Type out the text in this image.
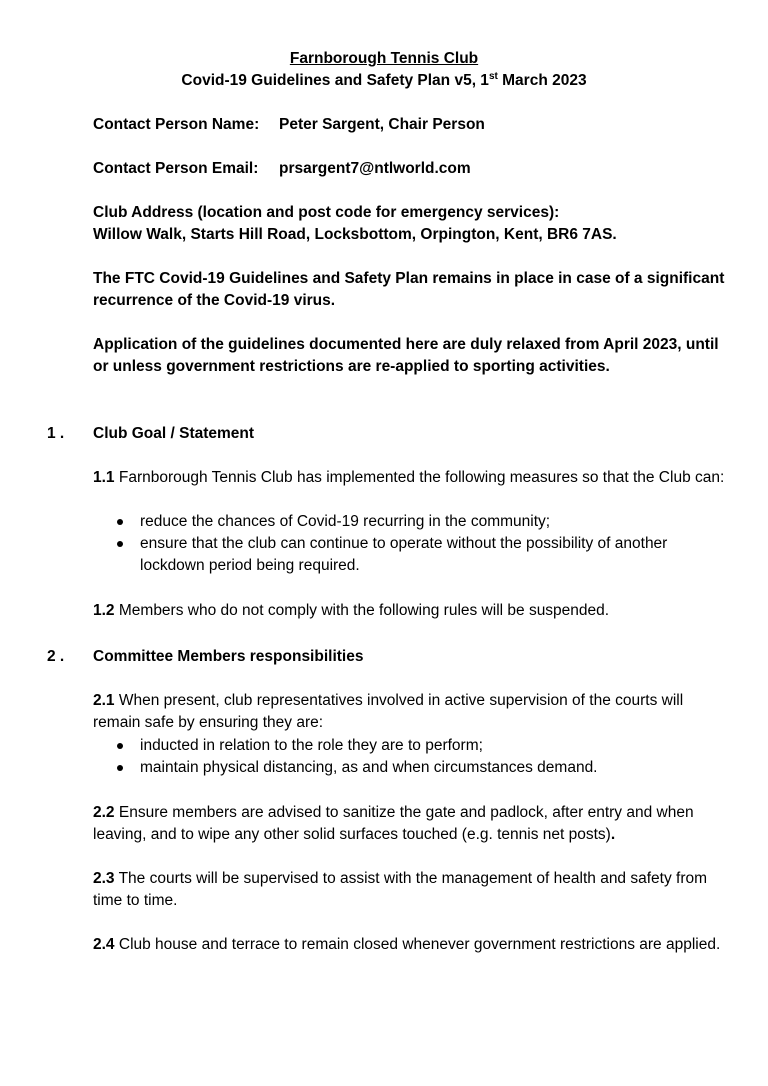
Farnborough Tennis Club
Covid-19 Guidelines and Safety Plan v5, 1st March 2023
Contact Person Name:	Peter Sargent, Chair Person
Contact Person Email:	prsargent7@ntlworld.com
Club Address (location and post code for emergency services):
Willow Walk, Starts Hill Road, Locksbottom, Orpington, Kent, BR6 7AS.
The FTC Covid-19 Guidelines and Safety Plan remains in place in case of a significant recurrence of the Covid-19 virus.
Application of the guidelines documented here are duly relaxed from April 2023, until or unless government restrictions are re-applied to sporting activities.
1 . Club Goal / Statement
1.1 Farnborough Tennis Club has implemented the following measures so that the Club can:
reduce the chances of Covid-19 recurring in the community;
ensure that the club can continue to operate without the possibility of another lockdown period being required.
1.2 Members who do not comply with the following rules will be suspended.
2 . Committee Members responsibilities
2.1 When present, club representatives involved in active supervision of the courts will remain safe by ensuring they are:
inducted in relation to the role they are to perform;
maintain physical distancing, as and when circumstances demand.
2.2 Ensure members are advised to sanitize the gate and padlock, after entry and when leaving, and to wipe any other solid surfaces touched (e.g. tennis net posts).
2.3 The courts will be supervised to assist with the management of health and safety from time to time.
2.4 Club house and terrace to remain closed whenever government restrictions are applied.
